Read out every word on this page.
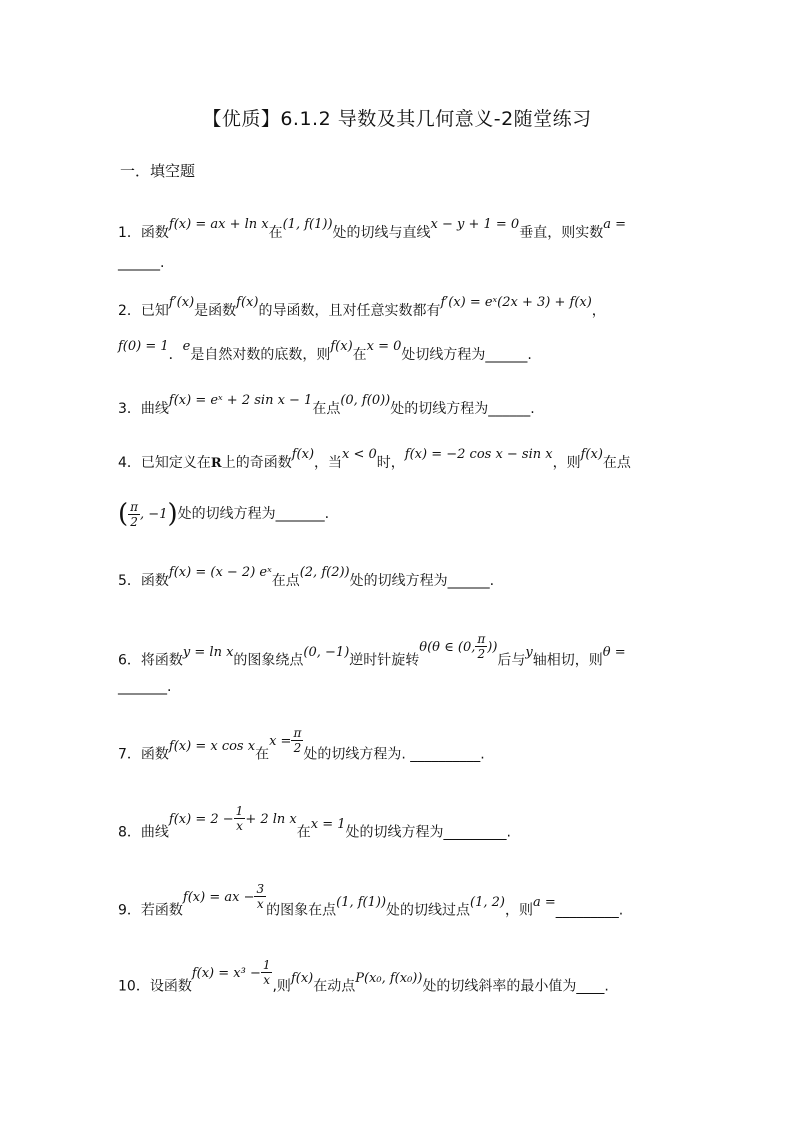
【优质】6.1.2 导数及其几何意义-2随堂练习
一．填空题
1．函数f(x) = ax + ln x在(1, f(1))处的切线与直线x − y + 1 = 0垂直，则实数a =
______.
2．已知f′(x)是函数f(x)的导函数，且对任意实数都有f′(x) = eˣ(2x + 3) + f(x)，
f(0) = 1．e是自然对数的底数，则f(x)在x = 0处切线方程为______.
3．曲线f(x) = eˣ + 2 sin x − 1在点(0, f(0))处的切线方程为______.
4．已知定义在R上的奇函数f(x)，当x < 0时，f(x) = −2 cos x − sin x，则f(x)在点
( $\frac{\pi}{2}$ , −1)处的切线方程为_______.
5．函数f(x) = (x − 2) eˣ在点(2, f(2))处的切线方程为______.
6．将函数y = ln x的图象绕点(0, −1)逆时针旋转θ(θ ∈ (0, $\frac{\pi}{2}$ ))后与y轴相切，则θ =
_______.
7．函数f(x) = x cos x在$x = \frac{\pi}{2}$ 处的切线方程为. __________.
8．曲线$f(x) = 2 - \frac{1}{x} + 2$ ln x在x = 1处的切线方程为_________.
9．若函数f(x) = ax − $\frac{3}{x}$ 的图象在点(1, f(1))处的切线过点(1, 2)，则a =_________.
10．设函数$f(x) = x^3 - \frac{1}{x}$ ,则f(x)在动点P(x₀, f(x₀))处的切线斜率的最小值为____.
